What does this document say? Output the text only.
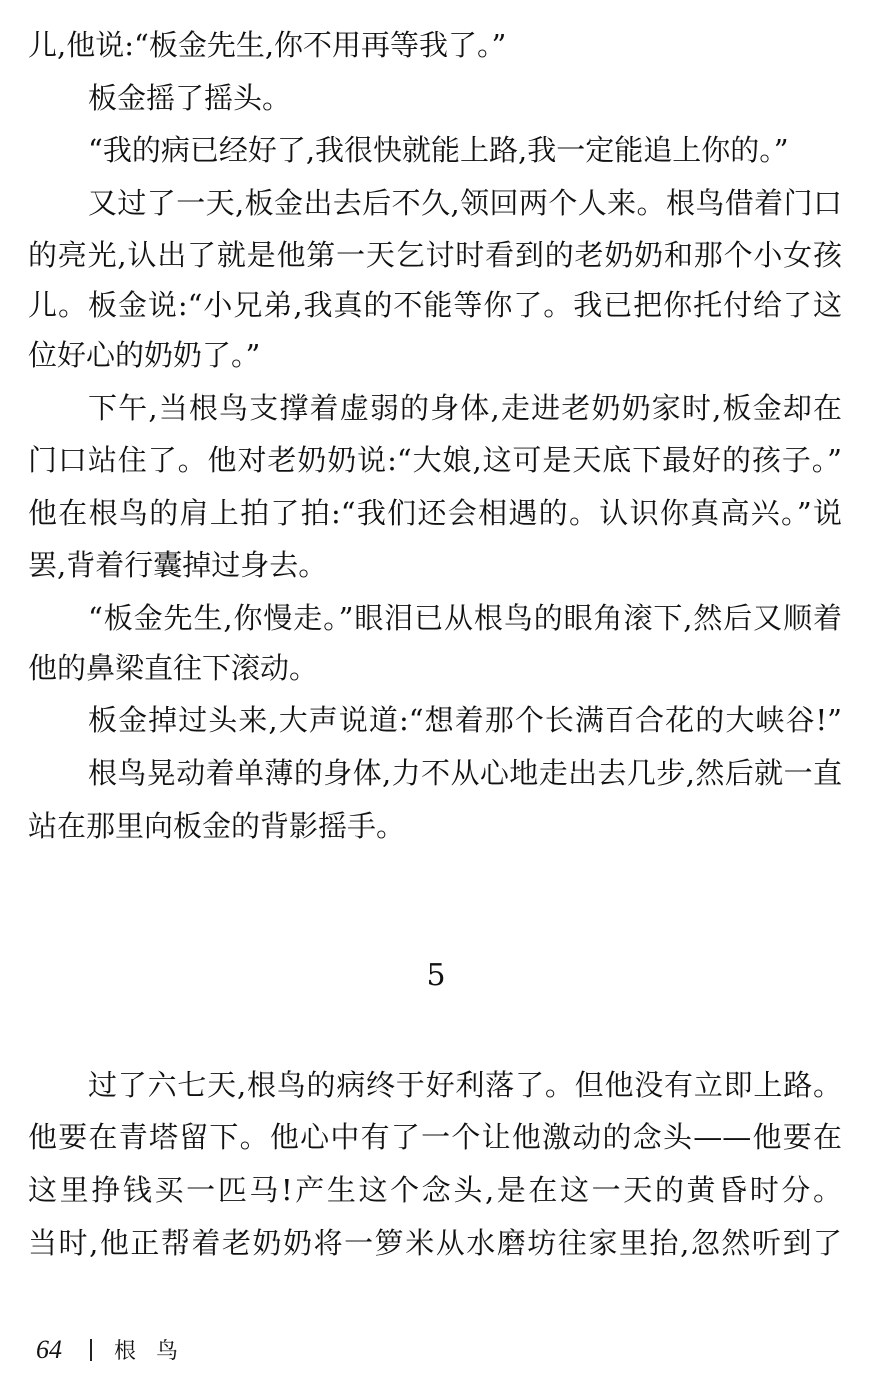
儿,他说:“板金先生,你不用再等我了。”
板金摇了摇头。
“我的病已经好了,我很快就能上路,我一定能追上你的。”
又过了一天,板金出去后不久,领回两个人来。根鸟借着门口
的亮光,认出了就是他第一天乞讨时看到的老奶奶和那个小女孩
儿。板金说:“小兄弟,我真的不能等你了。我已把你托付给了这
位好心的奶奶了。”
下午,当根鸟支撑着虚弱的身体,走进老奶奶家时,板金却在
门口站住了。他对老奶奶说:“大娘,这可是天底下最好的孩子。”
他在根鸟的肩上拍了拍:“我们还会相遇的。认识你真高兴。”说
罢,背着行囊掉过身去。
“板金先生,你慢走。”眼泪已从根鸟的眼角滚下,然后又顺着
他的鼻梁直往下滚动。
板金掉过头来,大声说道:“想着那个长满百合花的大峡谷!”
根鸟晃动着单薄的身体,力不从心地走出去几步,然后就一直
站在那里向板金的背影摇手。
5
过了六七天,根鸟的病终于好利落了。但他没有立即上路。
他要在青塔留下。他心中有了一个让他激动的念头——他要在
这里挣钱买一匹马!产生这个念头,是在这一天的黄昏时分。
当时,他正帮着老奶奶将一箩米从水磨坊往家里抬,忽然听到了
64 根鸟
